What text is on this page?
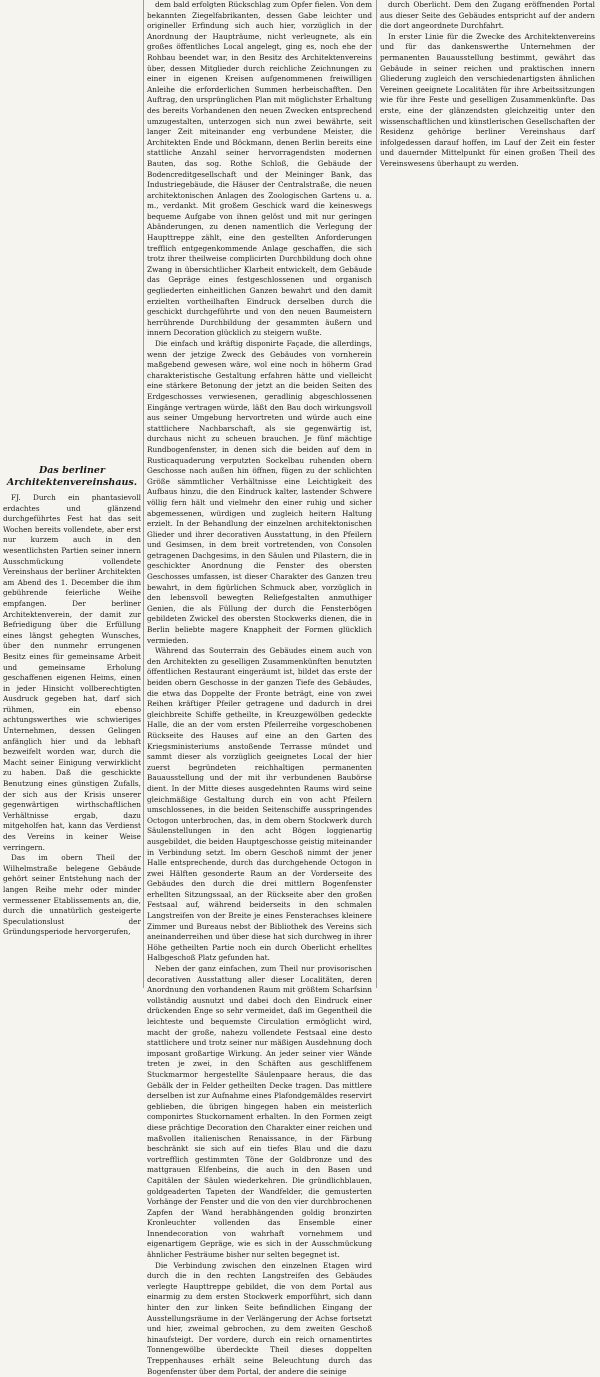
Das berliner
Architektenvereinshaus.

FJ. Durch ein phantasievoll erdachtes und glänzend durchgeführtes Fest hat das seit Wochen bereits vollendete, aber erst nur kurzem auch in den wesentlichsten Partien seiner innern Ausschmückung vollendete Vereinshaus der berliner Architekten am Abend des 1. December die ihm gebührende feierliche Weihe empfangen. Der berliner Architektenverein, der damit zur Befriedigung über die Erfüllung eines längst gehegten Wunsches, über den nunmehr errungenen Besitz eines für gemeinsame Arbeit und gemeinsame Erholung geschaffenen eigenen Heims, einen in jeder Hinsicht vollberechtigten Ausdruck gegeben hat, darf sich rühmen, ein ebenso achtungswerthes wie schwieriges Unternehmen, dessen Gelingen anfänglich hier und da lebhaft bezweifelt worden war, durch die Macht seiner Einigung verwirklicht zu haben. Daß die geschickte Benutzung eines günstigen Zufalls, der sich aus der Krisis unserer gegenwärtigen wirthschaftlichen Verhältnisse ergab, dazu mitgeholfen hat, kann das Verdienst des Vereins in keiner Weise verringern.

Das im obern Theil der Wilhelmstraße belegene Gebäude gehört seiner Entstehung nach der langen Reihe mehr oder minder vermessener Etablissements an, die, durch die unnatürlich gesteigerte Speculationslust der Gründungsperiode hervorgerufen,

dem bald erfolgten Rückschlag zum Opfer fielen. Von dem bekannten Ziegelfabrikanten, dessen Gabe leichter und origineller Erfindung sich auch hier, vorzüglich in der Anordnung der Haupträume, nicht verleugnete, als ein großes öffentliches Local angelegt, ging es, noch ehe der Rohbau beendet war, in den Besitz des Architektenvereins über, dessen Mitglieder durch reichliche Zeichnungen zu einer in eigenen Kreisen aufgenommenen freiwilligen Anleihe die erforderlichen Summen herbeischafften. Den Auftrag, den ursprünglichen Plan mit möglichster Erhaltung des bereits Vorhandenen den neuen Zwecken entsprechend umzugestalten, unterzogen sich nun zwei bewährte, seit langer Zeit miteinander eng verbundene Meister, die Architekten Ende und Böckmann, denen Berlin bereits eine stattliche Anzahl seiner hervorragendsten modernen Bauten, das sog. Rothe Schloß, die Gebäude der Bodencreditgesellschaft und der Meininger Bank, das Industriegebäude, die Häuser der Centralstraße, die neuen architektonischen Anlagen des Zoologischen Gartens u. a. m., verdankt. Mit großem Geschick ward die keineswegs bequeme Aufgabe von ihnen gelöst und mit nur geringen Abänderungen, zu denen namentlich die Verlegung der Haupttreppe zählt, eine den gestellten Anforderungen trefflich entgegenkommende Anlage geschaffen, die sich trotz ihrer theilweise complicirten Durchbildung doch ohne Zwang in übersichtlicher Klarheit entwickelt, dem Gebäude das Gepräge eines festgeschlossenen und organisch gegliederten einheitlichen Ganzen bewahrt und den damit erzielten vortheilhaften Eindruck derselben durch die geschickt durchgeführte und von den neuen Baumeistern herrührende Durchbildung der gesammten äußern und innern Decoration glücklich zu steigern wußte.

Die einfach und kräftig disponirte Façade, die allerdings, wenn der jetzige Zweck des Gebäudes von vornherein maßgebend gewesen wäre, wol eine noch in höherm Grad charakteristische Gestaltung erfahren hätte und vielleicht eine stärkere Betonung der jetzt an die beiden Seiten des Erdgeschosses verwiesenen, geradlinig abgeschlossenen Eingänge vertragen würde, läßt den Bau doch wirkungsvoll aus seiner Umgebung hervortreten und würde auch eine stattlichere Nachbarschaft, als sie gegenwärtig ist, durchaus nicht zu scheuen brauchen. Je fünf mächtige Rundbogenfenster, in denen sich die beiden auf dem in Rusticaquaderung verputzten Sockelbau ruhenden obern Geschosse nach außen hin öffnen, fügen zu der schlichten Größe sämmtlicher Verhältnisse eine Leichtigkeit des Aufbaus hinzu, die den Eindruck kalter, lastender Schwere völlig fern hält und vielmehr den einer ruhig und sicher abgemessenen, würdigen und zugleich heitern Haltung erzielt. In der Behandlung der einzelnen architektonischen Glieder und ihrer decorativen Ausstattung, in den Pfeilern und Gesimsen, in dem breit vortretenden, von Consolen getragenen Dachgesims, in den Säulen und Pilastern, die in geschickter Anordnung die Fenster des obersten Geschosses umfassen, ist dieser Charakter des Ganzen treu bewahrt, in dem figürlichen Schmuck aber, vorzüglich in den lebensvoll bewegten Reliefgestalten anmuthiger Genien, die als Füllung der durch die Fensterbögen gebildeten Zwickel des obersten Stockwerks dienen, die in Berlin beliebte magere Knappheit der Formen glücklich vermieden.

Während das Souterrain des Gebäudes einem auch von den Architekten zu geselligen Zusammenkünften benutzten öffentlichen Restaurant eingeräumt ist, bildet das erste der beiden obern Geschosse in der ganzen Tiefe des Gebäudes, die etwa das Doppelte der Fronte beträgt, eine von zwei Reihen kräftiger Pfeiler getragene und dadurch in drei gleichbreite Schiffe getheilte, in Kreuzgewölben gedeckte Halle, die an der vom ersten Pfeilerreihe vorgeschobenen Rückseite des Hauses auf eine an den Garten des Kriegsministeriums anstoßende Terrasse mündet und sammt dieser als vorzüglich geeignetes Local der hier zuerst begründeten reichhaltigen permanenten Bauausstellung und der mit ihr verbundenen Baubörse dient. In der Mitte dieses ausgedehnten Raums wird seine gleichmäßige Gestaltung durch ein von acht Pfeilern umschlossenes, in die beiden Seitenschiffe ausspringendes Octogon unterbrochen, das, in dem obern Stockwerk durch Säulenstellungen in den acht Bögen loggienartig ausgebildet, die beiden Hauptgeschosse geistig miteinander in Verbindung setzt. Im obern Geschoß nimmt der jener Halle entsprechende, durch das durchgehende Octogon in zwei Hälften gesonderte Raum an der Vorderseite des Gebäudes den durch die drei mittlern Bogenfenster erhellten Sitzungssaal, an der Rückseite aber den großen Festsaal auf, während beiderseits in den schmalen Langstreifen von der Breite je eines Fensterachses kleinere Zimmer und Bureaus nebst der Bibliothek des Vereins sich aneinanderreihen und über diese hat sich durchweg in ihrer Höhe getheilten Partie noch ein durch Oberlicht erhelltes Halbgeschoß Platz gefunden hat.

Neben der ganz einfachen, zum Theil nur provisorischen decorativen Ausstattung aller dieser Localitäten, deren Anordnung den vorhandenen Raum mit größtem Scharfsinn vollständig ausnutzt und dabei doch den Eindruck einer drückenden Enge so sehr vermeidet, daß im Gegentheil die leichteste und bequemste Circulation ermöglicht wird, macht der große, nahezu vollendete Festsaal eine desto stattlichere und trotz seiner nur mäßigen Ausdehnung doch imposant großartige Wirkung. An jeder seiner vier Wände treten je zwei, in den Schäften aus geschliffenem Stuckmarmor hergestellte Säulenpaare heraus, die das Gebälk der in Felder getheilten Decke tragen. Das mittlere derselben ist zur Aufnahme eines Plafondgemäldes reservirt geblieben, die übrigen hingegen haben ein meisterlich componirtes Stuckornament erhalten. In den Formen zeigt diese prächtige Decoration den Charakter einer reichen und maßvollen italienischen Renaissance, in der Färbung beschränkt sie sich auf ein tiefes Blau und die dazu vortrefflich gestimmten Töne der Goldbronze und des mattgrauen Elfenbeins, die auch in den Basen und Capitälen der Säulen wiederkehren. Die gründlichblauen, goldgeaderten Tapeten der Wandfelder, die gemusterten Vorhänge der Fenster und die von den vier durchbrochenen Zapfen der Wand herabhängenden goldig bronzirten Kronleuchter vollenden das Ensemble einer Innendecoration von wahrhaft vornehmem und eigenartigem Gepräge, wie es sich in der Ausschmückung ähnlicher Festräume bisher nur selten begegnet ist.

Die Verbindung zwischen den einzelnen Etagen wird durch die in den rechten Langstreifen des Gebäudes verlegte Haupttreppe gebildet, die von dem Portal aus einarmig zu dem ersten Stockwerk emporführt, sich dann hinter den zur linken Seite befindlichen Eingang der Ausstellungsräume in der Verlängerung der Achse fortsetzt und hier, zweimal gebrochen, zu dem zweiten Geschoß hinaufsteigt. Der vordere, durch ein reich ornamentirtes Tonnengewölbe überdeckte Theil dieses doppelten Treppenhauses erhält seine Beleuchtung durch das Bogenfenster über dem Portal, der andere die seinige

durch Oberlicht. Dem den Zugang eröffnenden Portal aus dieser Seite des Gebäudes entspricht auf der andern die dort angeordnete Durchfahrt.

In erster Linie für die Zwecke des Architektenvereins und für das dankenswerthe Unternehmen der permanenten Bauausstellung bestimmt, gewährt das Gebäude in seiner reichen und praktischen innern Gliederung zugleich den verschiedenartigsten ähnlichen Vereinen geeignete Localitäten für ihre Arbeitssitzungen wie für ihre Feste und geselligen Zusammenkünfte. Das erste, eine der glänzendsten gleichzeitig unter den wissenschaftlichen und künstlerischen Gesellschaften der Residenz gehörige berliner Vereinshaus darf infolgedessen darauf hoffen, im Lauf der Zeit ein fester und dauernder Mittelpunkt für einen großen Theil des Vereinswesens überhaupt zu werden.
